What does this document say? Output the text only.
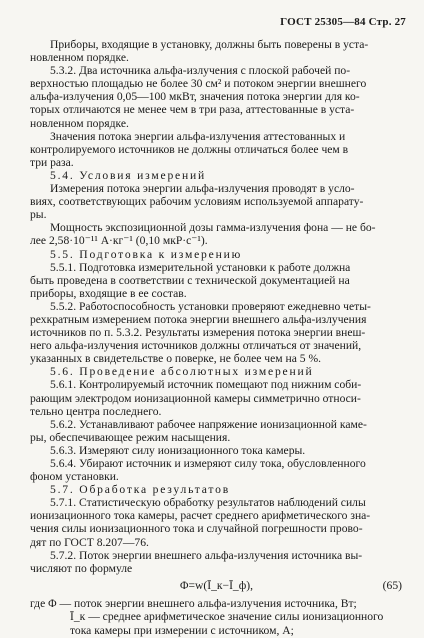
ГОСТ 25305—84 Стр. 27
Приборы, входящие в установку, должны быть поверены в уста-
новленном порядке.
5.3.2. Два источника альфа-излучения с плоской рабочей по-
верхностью площадью не более 30 см² и потоком энергии внешнего
альфа-излучения 0,05—100 мкВт, значения потока энергии для ко-
торых отличаются не менее чем в три раза, аттестованные в уста-
новленном порядке.
Значения потока энергии альфа-излучения аттестованных и
контролируемого источников не должны отличаться более чем в
три раза.
5.4. Условия измерений
Измерения потока энергии альфа-излучения проводят в усло-
виях, соответствующих рабочим условиям используемой аппарату-
ры.
Мощность экспозиционной дозы гамма-излучения фона — не бо-
лее 2,58·10⁻¹¹ А·кг⁻¹ (0,10 мкР·с⁻¹).
5.5. Подготовка к измерению
5.5.1. Подготовка измерительной установки к работе должна
быть проведена в соответствии с технической документацией на
приборы, входящие в ее состав.
5.5.2. Работоспособность установки проверяют ежедневно четы-
рехкратным измерением потока энергии внешнего альфа-излучения
источников по п. 5.3.2. Результаты измерения потока энергии внеш-
него альфа-излучения источников должны отличаться от значений,
указанных в свидетельстве о поверке, не более чем на 5 %.
5.6. Проведение абсолютных измерений
5.6.1. Контролируемый источник помещают под нижним соби-
рающим электродом ионизационной камеры симметрично относи-
тельно центра последнего.
5.6.2. Устанавливают рабочее напряжение ионизационной каме-
ры, обеспечивающее режим насыщения.
5.6.3. Измеряют силу ионизационного тока камеры.
5.6.4. Убирают источник и измеряют силу тока, обусловленного
фоном установки.
5.7. Обработка результатов
5.7.1. Статистическую обработку результатов наблюдений силы
ионизационного тока камеры, расчет среднего арифметического зна-
чения силы ионизационного тока и случайной погрешности прово-
дят по ГОСТ 8.207—76.
5.7.2. Поток энергии внешнего альфа-излучения источника вы-
числяют по формуле
Φ=w(Ī_к−Ī_ф),	(65)
где Φ — поток энергии внешнего альфа-излучения источника, Вт;
Ī_к — среднее арифметическое значение силы ионизационного
тока камеры при измерении с источником, А;
